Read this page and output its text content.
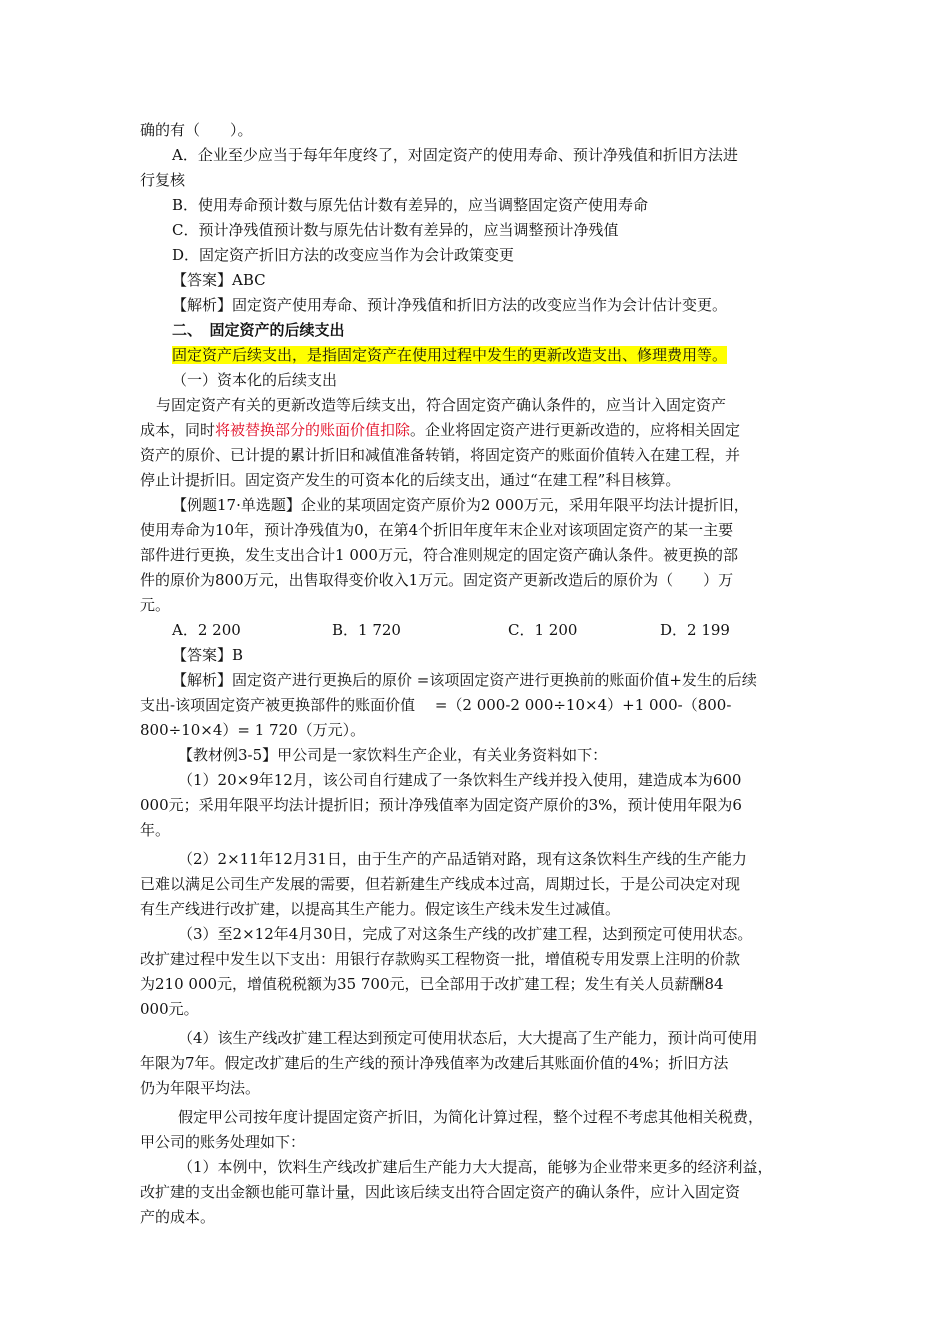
确的有（　　）。
A．企业至少应当于每年年度终了，对固定资产的使用寿命、预计净残值和折旧方法进
行复核
B．使用寿命预计数与原先估计数有差异的，应当调整固定资产使用寿命
C．预计净残值预计数与原先估计数有差异的，应当调整预计净残值
D．固定资产折旧方法的改变应当作为会计政策变更
【答案】ABC
【解析】固定资产使用寿命、预计净残值和折旧方法的改变应当作为会计估计变更。
二、　固定资产的后续支出
固定资产后续支出，是指固定资产在使用过程中发生的更新改造支出、修理费用等。
（一）资本化的后续支出
与固定资产有关的更新改造等后续支出，符合固定资产确认条件的，应当计入固定资产
成本，同时将被替换部分的账面价值扣除。企业将固定资产进行更新改造的，应将相关固定
资产的原价、已计提的累计折旧和减值准备转销，将固定资产的账面价值转入在建工程，并
停止计提折旧。固定资产发生的可资本化的后续支出，通过“在建工程”科目核算。
【例题17·单选题】企业的某项固定资产原价为2 000万元，采用年限平均法计提折旧，
使用寿命为10年，预计净残值为0，在第4个折旧年度年末企业对该项固定资产的某一主要
部件进行更换，发生支出合计1 000万元，符合准则规定的固定资产确认条件。被更换的部
件的原价为800万元，出售取得变价收入1万元。固定资产更新改造后的原价为（　　）万
元。
A．2 200	B．1 720	C．1 200	D．2 199
【答案】B
【解析】固定资产进行更换后的原价 =该项固定资产进行更换前的账面价值+发生的后续
支出-该项固定资产被更换部件的账面价值　 =（2 000-2 000÷10×4）+1 000-（800-
800÷10×4）= 1 720（万元）。
【教材例3-5】甲公司是一家饮料生产企业，有关业务资料如下：
（1）20×9年12月，该公司自行建成了一条饮料生产线并投入使用，建造成本为600
000元；采用年限平均法计提折旧；预计净残值率为固定资产原价的3%，预计使用年限为6
年。
（2）2×11年12月31日，由于生产的产品适销对路，现有这条饮料生产线的生产能力
已难以满足公司生产发展的需要，但若新建生产线成本过高，周期过长，于是公司决定对现
有生产线进行改扩建，以提高其生产能力。假定该生产线未发生过减值。
（3）至2×12年4月30日，完成了对这条生产线的改扩建工程，达到预定可使用状态。
改扩建过程中发生以下支出：用银行存款购买工程物资一批，增值税专用发票上注明的价款
为210 000元，增值税税额为35 700元，已全部用于改扩建工程；发生有关人员薪酬84
000元。
（4）该生产线改扩建工程达到预定可使用状态后，大大提高了生产能力，预计尚可使用
年限为7年。假定改扩建后的生产线的预计净残值率为改建后其账面价值的4%；折旧方法
仍为年限平均法。
假定甲公司按年度计提固定资产折旧，为简化计算过程，整个过程不考虑其他相关税费，
甲公司的账务处理如下：
（1）本例中，饮料生产线改扩建后生产能力大大提高，能够为企业带来更多的经济利益，
改扩建的支出金额也能可靠计量，因此该后续支出符合固定资产的确认条件，应计入固定资
产的成本。
